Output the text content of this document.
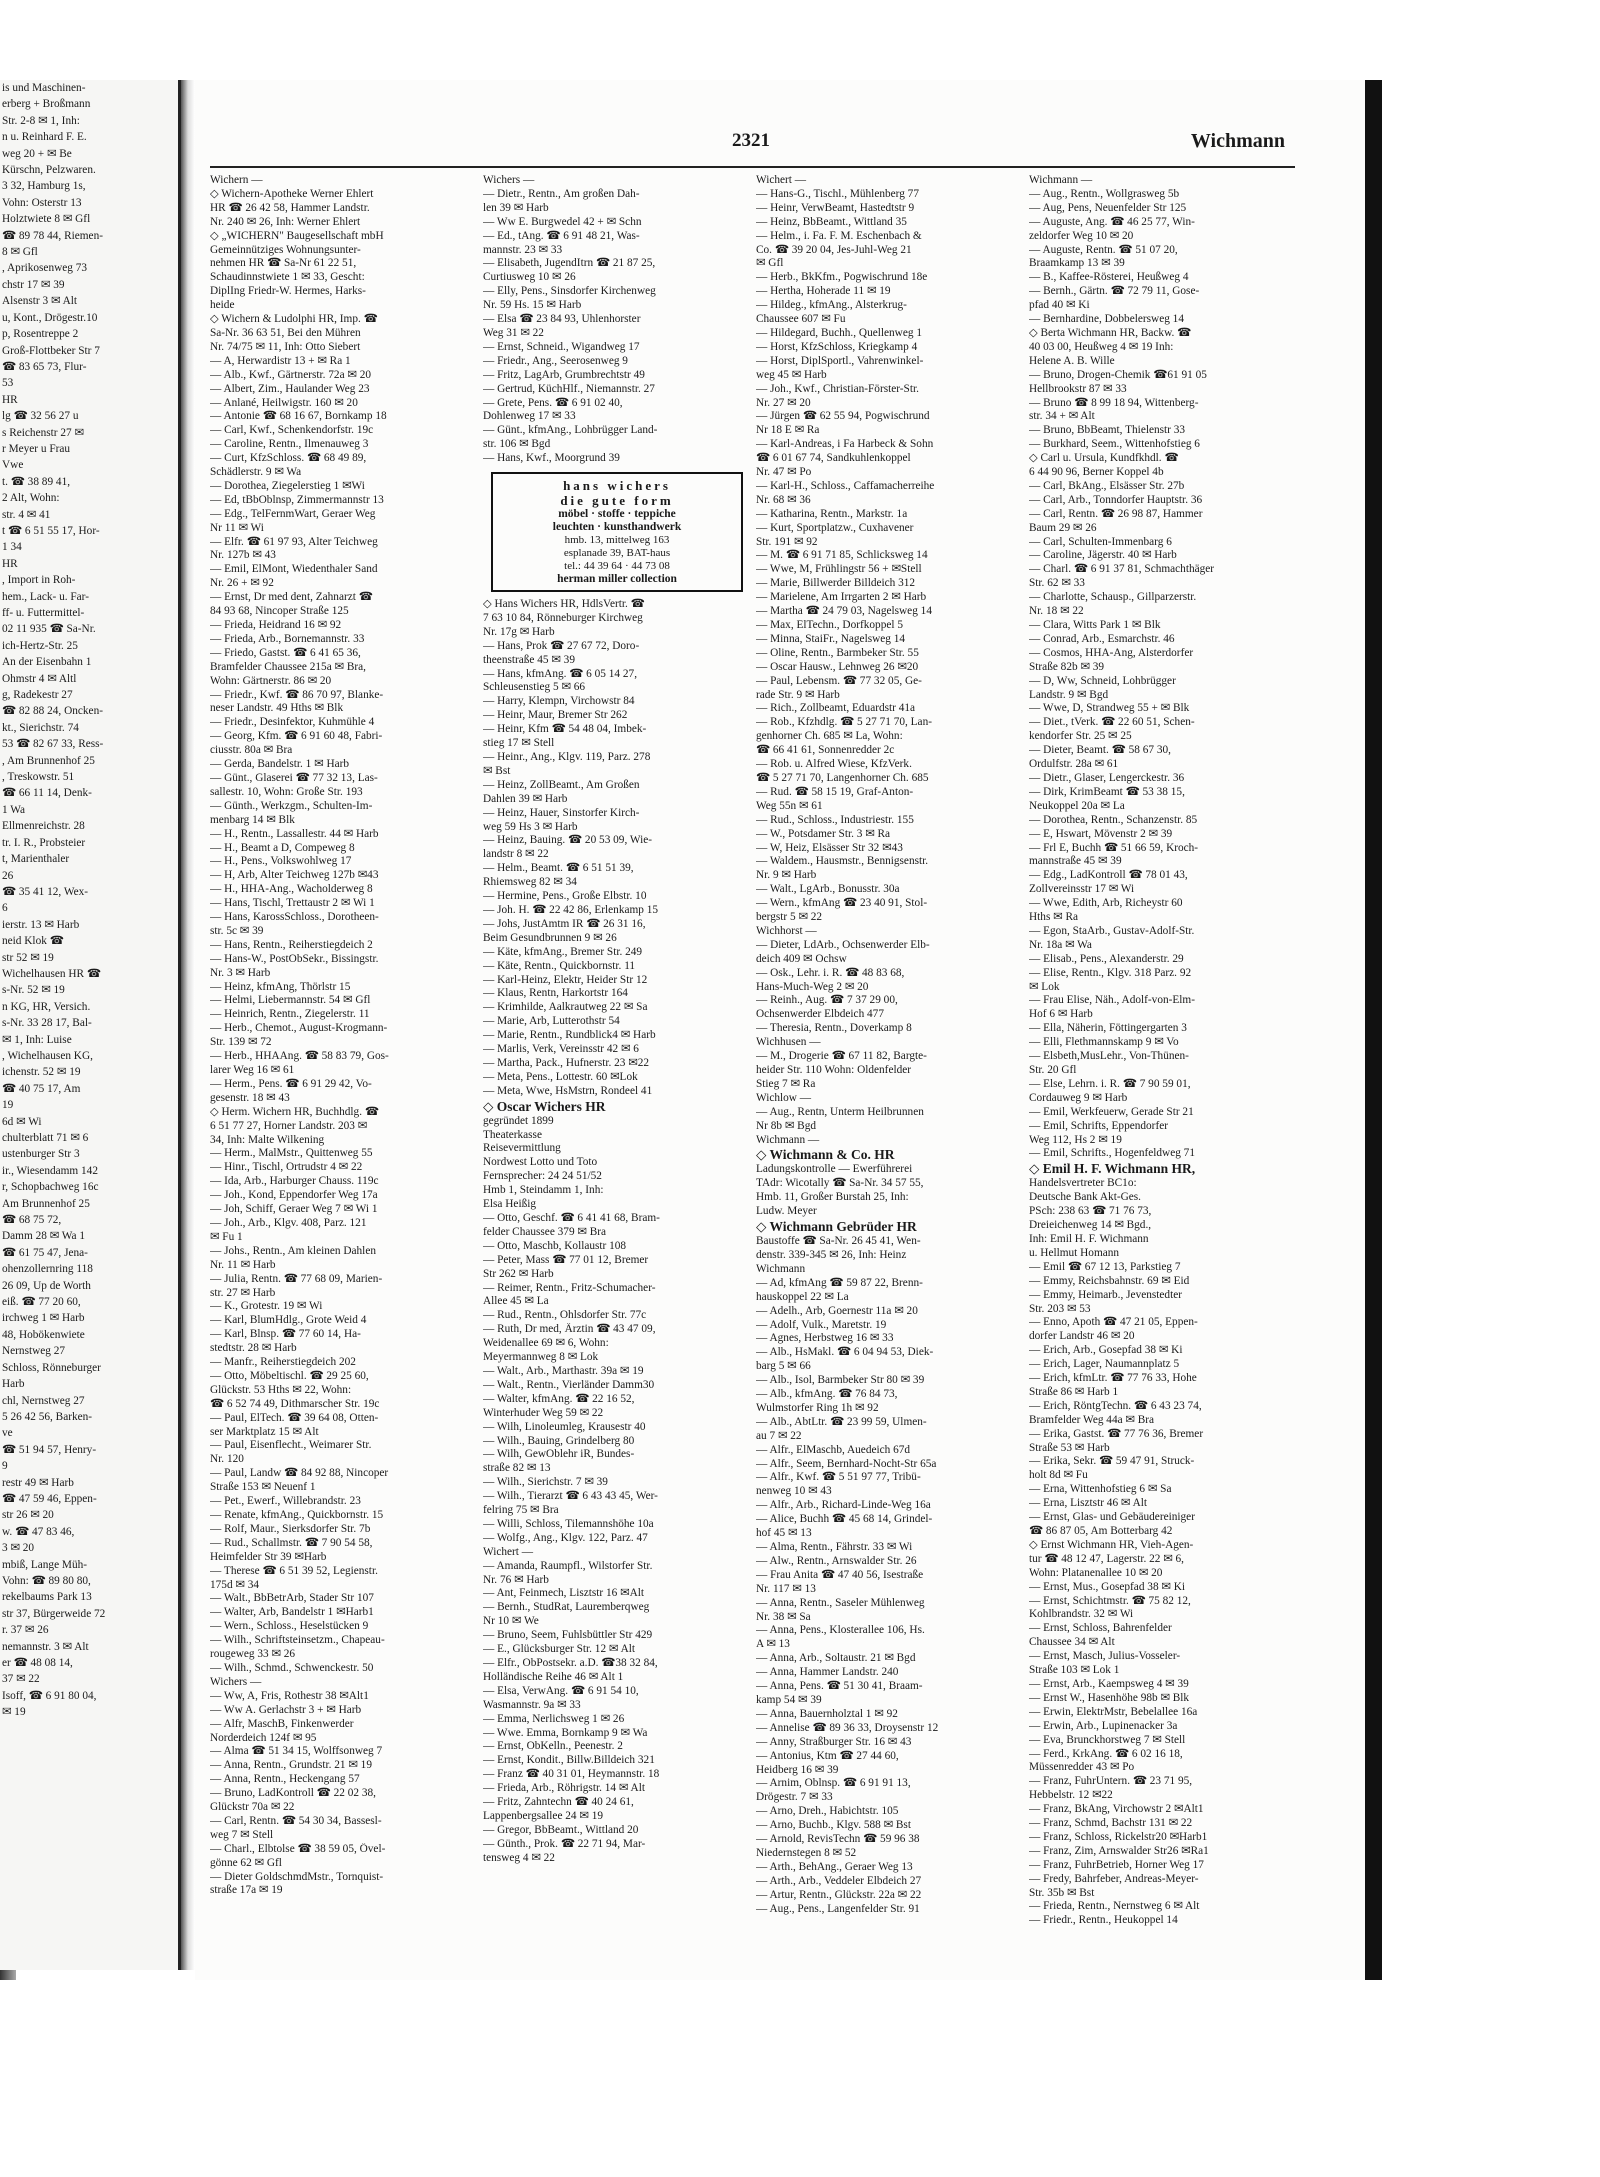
is und Maschinen-
erberg + Broßmann
Str. 2-8 ✉ 1, Inh:
n u. Reinhard F. E.
weg 20 + ✉ Be
Kürschn, Pelzwaren.
3 32, Hamburg 1s,
Vohn: Osterstr 13
Holztwiete 8 ✉ Gfl
☎ 89 78 44, Riemen-
8 ✉ Gfl
, Aprikosenweg 73
chstr 17 ✉ 39
Alsenstr 3 ✉ Alt
u, Kont., Drögestr.10
p, Rosentreppe 2
Groß-Flottbeker Str 7
☎ 83 65 73, Flur-
53
HR
lg ☎ 32 56 27 u
s Reichenstr 27 ✉
r Meyer u Frau
Vwe
t. ☎ 38 89 41,
2 Alt, Wohn:
str. 4 ✉ 41
t ☎ 6 51 55 17, Hor-
1 34
HR
, Import in Roh-
hem., Lack- u. Far-
ff- u. Futtermittel-
02 11 935 ☎ Sa-Nr.
ich-Hertz-Str. 25
An der Eisenbahn 1
Ohmstr 4 ✉ Altl
g, Radekestr 27
☎ 82 88 24, Oncken-
kt., Sierichstr. 74
53 ☎ 82 67 33, Ress-
, Am Brunnenhof 25
, Treskowstr. 51
☎ 66 11 14, Denk-
1 Wa
Ellmenreichstr. 28
tr. I. R., Probsteier
t, Marienthaler
26
☎ 35 41 12, Wex-
6
ierstr. 13 ✉ Harb
neid Klok ☎
str 52 ✉ 19
Wichelhausen HR ☎
s-Nr. 52 ✉ 19
n KG, HR, Versich.
s-Nr. 33 28 17, Bal-
✉ 1, Inh: Luise
, Wichelhausen KG,
ichenstr. 52 ✉ 19
☎ 40 75 17, Am
19
6d ✉ Wi
chulterblatt 71 ✉ 6
ustenburger Str 3
ir., Wiesendamm 142
r, Schopbachweg 16c
Am Brunnenhof 25
☎ 68 75 72,
Damm 28 ✉ Wa 1
☎ 61 75 47, Jena-
ohenzollernring 118
26 09, Up de Worth
eiß. ☎ 77 20 60,
irchweg 1 ✉ Harb
48, Hobökenwiete
Nernstweg 27
Schloss, Rönneburger
Harb
chl, Nernstweg 27
5 26 42 56, Barken-
ve
☎ 51 94 57, Henry-
9
restr 49 ✉ Harb
☎ 47 59 46, Eppen-
str 26 ✉ 20
w. ☎ 47 83 46,
3 ✉ 20
mbiß, Lange Müh-
Vohn: ☎ 89 80 80,
rekelbaums Park 13
str 37, Bürgerweide 72
r. 37 ✉ 26
nemannstr. 3 ✉ Alt
er ☎ 48 08 14,
37 ✉ 22
Isoff, ☎ 6 91 80 04,
✉ 19
2321	Wichmann
Wichern —
◇ Wichern-Apotheke Werner Ehlert
HR ☎ 26 42 58, Hammer Landstr.
Nr. 240 ✉ 26, Inh: Werner Ehlert
◇ „WICHERN" Baugesellschaft mbH
Gemeinnütziges Wohnungsunter-
nehmen HR ☎ Sa-Nr 61 22 51,
Schaudinnstwiete 1 ✉ 33, Gescht:
DiplIng Friedr-W. Hermes, Harks-
heide
◇ Wichern & Ludolphi HR, Imp. ☎
Sa-Nr. 36 63 51, Bei den Mühren
Nr. 74/75 ✉ 11, Inh: Otto Siebert
— A, Herwardistr 13 + ✉ Ra 1
— Alb., Kwf., Gärtnerstr. 72a ✉ 20
— Albert, Zim., Haulander Weg 23
— Anlané, Heilwigstr. 160 ✉ 20
— Antonie ☎ 68 16 67, Bornkamp 18
— Carl, Kwf., Schenkendorfstr. 19c
— Caroline, Rentn., Ilmenauweg 3
— Curt, KfzSchloss. ☎ 68 49 89,
Schädlerstr. 9 ✉ Wa
— Dorothea, Ziegelerstieg 1 ✉Wi
— Ed, tBbOblnsp, Zimmermannstr 13
— Edg., TelFernmWart, Geraer Weg
Nr 11 ✉ Wi
— Elfr. ☎ 61 97 93, Alter Teichweg
Nr. 127b ✉ 43
— Emil, ElMont, Wiedenthaler Sand
Nr. 26 + ✉ 92
— Ernst, Dr med dent, Zahnarzt ☎
84 93 68, Nincoper Straße 125
— Frieda, Heidrand 16 ✉ 92
— Frieda, Arb., Bornemannstr. 33
— Friedo, Gastst. ☎ 6 41 65 36,
Bramfelder Chaussee 215a ✉ Bra,
Wohn: Gärtnerstr. 86 ✉ 20
— Friedr., Kwf. ☎ 86 70 97, Blanke-
neser Landstr. 49 Hths ✉ Blk
— Friedr., Desinfektor, Kuhmühle 4
— Georg, Kfm. ☎ 6 91 60 48, Fabri-
ciusstr. 80a ✉ Bra
— Gerda, Bandelstr. 1 ✉ Harb
— Günt., Glaserei ☎ 77 32 13, Las-
sallestr. 10, Wohn: Große Str. 193
— Günth., Werkzgm., Schulten-Im-
menbarg 14 ✉ Blk
— H., Rentn., Lassallestr. 44 ✉ Harb
— H., Beamt a D, Compeweg 8
— H., Pens., Volkswohlweg 17
— H, Arb, Alter Teichweg 127b ✉43
— H., HHA-Ang., Wacholderweg 8
— Hans, Tischl, Trettaustr 2 ✉ Wi 1
— Hans, KarossSchloss., Dorotheen-
str. 5c ✉ 39
— Hans, Rentn., Reiherstiegdeich 2
— Hans-W., PostObSekr., Bissingstr.
Nr. 3 ✉ Harb
— Heinz, kfmAng, Thörlstr 15
— Helmi, Liebermannstr. 54 ✉ Gfl
— Heinrich, Rentn., Ziegelerstr. 11
— Herb., Chemot., August-Krogmann-
Str. 139 ✉ 72
— Herb., HHAAng. ☎ 58 83 79, Gos-
larer Weg 16 ✉ 61
— Herm., Pens. ☎ 6 91 29 42, Vo-
gesenstr. 18 ✉ 43
◇ Herm. Wichern HR, Buchhdlg. ☎
6 51 77 27, Horner Landstr. 203 ✉
34, Inh: Malte Wilkening
— Herm., MalMstr., Quittenweg 55
— Hinr., Tischl, Ortrudstr 4 ✉ 22
— Ida, Arb., Harburger Chauss. 119c
— Joh., Kond, Eppendorfer Weg 17a
— Joh, Schiff, Geraer Weg 7 ✉ Wi 1
— Joh., Arb., Klgv. 408, Parz. 121
✉ Fu 1
— Johs., Rentn., Am kleinen Dahlen
Nr. 11 ✉ Harb
— Julia, Rentn. ☎ 77 68 09, Marien-
str. 27 ✉ Harb
— K., Grotestr. 19 ✉ Wi
— Karl, BlumHdlg., Grote Weid 4
— Karl, Blnsp. ☎ 77 60 14, Ha-
stedtstr. 28 ✉ Harb
— Manfr., Reiherstiegdeich 202
— Otto, Möbeltischl. ☎ 29 25 60,
Glückstr. 53 Hths ✉ 22, Wohn:
☎ 6 52 74 49, Dithmarscher Str. 19c
— Paul, ElTech. ☎ 39 64 08, Otten-
ser Marktplatz 15 ✉ Alt
— Paul, Eisenflecht., Weimarer Str.
Nr. 120
— Paul, Landw ☎ 84 92 88, Nincoper
Straße 153 ✉ Neuenf 1
— Pet., Ewerf., Willebrandstr. 23
— Renate, kfmAng., Quickbornstr. 15
— Rolf, Maur., Sierksdorfer Str. 7b
— Rud., Schallmstr. ☎ 7 90 54 58,
Heimfelder Str 39 ✉Harb
— Therese ☎ 6 51 39 52, Legienstr.
175d ✉ 34
— Walt., BbBetrArb, Stader Str 107
— Walter, Arb, Bandelstr 1 ✉Harb1
— Wern., Schloss., Heselstücken 9
— Wilh., Schriftsteinsetzm., Chapeau-
rougeweg 33 ✉ 26
— Wilh., Schmd., Schwenckestr. 50
Wichers —
— Ww, A, Fris, Rothestr 38 ✉Alt1
— Ww A. Gerlachstr 3 + ✉ Harb
— Alfr, MaschB, Finkenwerder
Norderdeich 124f ✉ 95
— Alma ☎ 51 34 15, Wolffsonweg 7
— Anna, Rentn., Grundstr. 21 ✉ 19
— Anna, Rentn., Heckengang 57
— Bruno, LadKontroll ☎ 22 02 38,
Glückstr 70a ✉ 22
— Carl, Rentn. ☎ 54 30 34, Bassesl-
weg 7 ✉ Stell
— Charl., Elbtolse ☎ 38 59 05, Övel-
gönne 62 ✉ Gfl
— Dieter GoldschmdMstr., Tornquist-
straße 17a ✉ 19
Wichers —
— Dietr., Rentn., Am großen Dah-
len 39 ✉ Harb
— Ww E. Burgwedel 42 + ✉ Schn
— Ed., tAng. ☎ 6 91 48 21, Was-
mannstr. 23 ✉ 33
— Elisabeth, JugendItrn ☎ 21 87 25,
Curtiusweg 10 ✉ 26
— Elly, Pens., Sinsdorfer Kirchenweg
Nr. 59 Hs. 15 ✉ Harb
— Elsa ☎ 23 84 93, Uhlenhorster
Weg 31 ✉ 22
— Ernst, Schneid., Wigandweg 17
— Friedr., Ang., Seerosenweg 9
— Fritz, LagArb, Grumbrechtstr 49
— Gertrud, KüchHlf., Niemannstr. 27
— Grete, Pens. ☎ 6 91 02 40,
Dohlenweg 17 ✉ 33
— Günt., kfmAng., Lohbrügger Land-
str. 106 ✉ Bgd
— Hans, Kwf., Moorgrund 39
hans wichers
die gute form
möbel · stoffe · teppiche
leuchten · kunsthandwerk
hmb. 13, mittelweg 163
esplanade 39, BAT-haus
tel.: 44 39 64 · 44 73 08
herman miller collection
◇ Hans Wichers HR, HdlsVertr. ☎
7 63 10 84, Rönneburger Kirchweg
Nr. 17g ✉ Harb
— Hans, Prok ☎ 27 67 72, Doro-
theenstraße 45 ✉ 39
— Hans, kfmAng. ☎ 6 05 14 27,
Schleusenstieg 5 ✉ 66
— Harry, Klempn, Virchowstr 84
— Heinr, Maur, Bremer Str 262
— Heinr, Kfm ☎ 54 48 04, Imbek-
stieg 17 ✉ Stell
— Heinr., Ang., Klgv. 119, Parz. 278
✉ Bst
— Heinz, ZollBeamt., Am Großen
Dahlen 39 ✉ Harb
— Heinz, Hauer, Sinstorfer Kirch-
weg 59 Hs 3 ✉ Harb
— Heinz, Bauing. ☎ 20 53 09, Wie-
landstr 8 ✉ 22
— Helm., Beamt. ☎ 6 51 51 39,
Rhiemsweg 82 ✉ 34
— Hermine, Pens., Große Elbstr. 10
— Joh. H. ☎ 22 42 86, Erlenkamp 15
— Johs, JustAmtm IR ☎ 26 31 16,
Beim Gesundbrunnen 9 ✉ 26
— Käte, kfmAng., Bremer Str. 249
— Käte, Rentn., Quickbornstr. 11
— Karl-Heinz, Elektr, Heider Str 12
— Klaus, Rentn, Harkortstr 164
— Krimhilde, Aalkrautweg 22 ✉ Sa
— Marie, Arb, Lutterothstr 54
— Marie, Rentn., Rundblick4 ✉ Harb
— Marlis, Verk, Vereinsstr 42 ✉ 6
— Martha, Pack., Hufnerstr. 23 ✉22
— Meta, Pens., Lottestr. 60 ✉Lok
— Meta, Wwe, HsMstrn, Rondeel 41
◇ Oscar Wichers HR
gegründet 1899
Theaterkasse
Reisevermittlung
Nordwest Lotto und Toto
Fernsprecher: 24 24 51/52
Hmb 1, Steindamm 1, Inh:
Elsa Heißig
— Otto, Geschf. ☎ 6 41 41 68, Bram-
felder Chaussee 379 ✉ Bra
— Otto, Maschb, Kollaustr 108
— Peter, Mass ☎ 77 01 12, Bremer
Str 262 ✉ Harb
— Reimer, Rentn., Fritz-Schumacher-
Allee 45 ✉ La
— Rud., Rentn., Ohlsdorfer Str. 77c
— Ruth, Dr med, Ärztin ☎ 43 47 09,
Weidenallee 69 ✉ 6, Wohn:
Meyermannweg 8 ✉ Lok
— Walt., Arb., Marthastr. 39a ✉ 19
— Walt., Rentn., Vierländer Damm30
— Walter, kfmAng. ☎ 22 16 52,
Winterhuder Weg 59 ✉ 22
— Wilh, Linoleumleg, Krausestr 40
— Wilh., Bauing, Grindelberg 80
— Wilh, GewOblehr iR, Bundes-
straße 82 ✉ 13
— Wilh., Sierichstr. 7 ✉ 39
— Wilh., Tierarzt ☎ 6 43 43 45, Wer-
felring 75 ✉ Bra
— Willi, Schloss, Tilemannshöhe 10a
— Wolfg., Ang., Klgv. 122, Parz. 47
Wichert —
— Amanda, Raumpfl., Wilstorfer Str.
Nr. 76 ✉ Harb
— Ant, Feinmech, Lisztstr 16 ✉Alt
— Bernh., StudRat, Lauremberqweg
Nr 10 ✉ We
— Bruno, Seem, Fuhlsbüttler Str 429
— E., Glücksburger Str. 12 ✉ Alt
— Elfr., ObPostsekr. a.D. ☎38 32 84,
Holländische Reihe 46 ✉ Alt 1
— Elsa, VerwAng. ☎ 6 91 54 10,
Wasmannstr. 9a ✉ 33
— Emma, Nerlichsweg 1 ✉ 26
— Wwe. Emma, Bornkamp 9 ✉ Wa
— Ernst, ObKelln., Peenestr. 2
— Ernst, Kondit., Billw.Billdeich 321
— Franz ☎ 40 31 01, Heymannstr. 18
— Frieda, Arb., Röhrigstr. 14 ✉ Alt
— Fritz, Zahntechn ☎ 40 24 61,
Lappenbergsallee 24 ✉ 19
— Gregor, BbBeamt., Wittland 20
— Günth., Prok. ☎ 22 71 94, Mar-
tensweg 4 ✉ 22
Wichert —
— Hans-G., Tischl., Mühlenberg 77
— Heinr, VerwBeamt, Hastedtstr 9
— Heinz, BbBeamt., Wittland 35
— Helm., i. Fa. F. M. Eschenbach &
Co. ☎ 39 20 04, Jes-Juhl-Weg 21
✉ Gfl
— Herb., BkKfm., Pogwischrund 18e
— Hertha, Hoherade 11 ✉ 19
— Hildeg., kfmAng., Alsterkrug-
Chaussee 607 ✉ Fu
— Hildegard, Buchh., Quellenweg 1
— Horst, KfzSchloss, Kriegkamp 4
— Horst, DiplSportl., Vahrenwinkel-
weg 45 ✉ Harb
— Joh., Kwf., Christian-Förster-Str.
Nr. 27 ✉ 20
— Jürgen ☎ 62 55 94, Pogwischrund
Nr 18 E ✉ Ra
— Karl-Andreas, i Fa Harbeck & Sohn
☎ 6 01 67 74, Sandkuhlenkoppel
Nr. 47 ✉ Po
— Karl-H., Schloss., Caffamacherreihe
Nr. 68 ✉ 36
— Katharina, Rentn., Markstr. 1a
— Kurt, Sportplatzw., Cuxhavener
Str. 191 ✉ 92
— M. ☎ 6 91 71 85, Schlicksweg 14
— Wwe, M, Frühlingstr 56 + ✉Stell
— Marie, Billwerder Billdeich 312
— Marielene, Am Irrgarten 2 ✉ Harb
— Martha ☎ 24 79 03, Nagelsweg 14
— Max, ElTechn., Dorfkoppel 5
— Minna, StaiFr., Nagelsweg 14
— Oline, Rentn., Barmbeker Str. 55
— Oscar Hausw., Lehnweg 26 ✉20
— Paul, Lebensm. ☎ 77 32 05, Ge-
rade Str. 9 ✉ Harb
— Rich., Zollbeamt, Eduardstr 41a
— Rob., Kfzhdlg. ☎ 5 27 71 70, Lan-
genhorner Ch. 685 ✉ La, Wohn:
☎ 66 41 61, Sonnenredder 2c
— Rob. u. Alfred Wiese, KfzVerk.
☎ 5 27 71 70, Langenhorner Ch. 685
— Rud. ☎ 58 15 19, Graf-Anton-
Weg 55n ✉ 61
— Rud., Schloss., Industriestr. 155
— W., Potsdamer Str. 3 ✉ Ra
— W, Heiz, Elsässer Str 32 ✉43
— Waldem., Hausmstr., Bennigsenstr.
Nr. 9 ✉ Harb
— Walt., LgArb., Bonusstr. 30a
— Wern., kfmAng ☎ 23 40 91, Stol-
bergstr 5 ✉ 22
Wichhorst —
— Dieter, LdArb., Ochsenwerder Elb-
deich 409 ✉ Ochsw
— Osk., Lehr. i. R. ☎ 48 83 68,
Hans-Much-Weg 2 ✉ 20
— Reinh., Aug. ☎ 7 37 29 00,
Ochsenwerder Elbdeich 477
— Theresia, Rentn., Doverkamp 8
Wichhusen —
— M., Drogerie ☎ 67 11 82, Bargte-
heider Str. 110 Wohn: Oldenfelder
Stieg 7 ✉ Ra
Wichlow —
— Aug., Rentn, Unterm Heilbrunnen
Nr 8b ✉ Bgd
Wichmann —
◇ Wichmann & Co. HR
Ladungskontrolle — Ewerführerei
TAdr: Wicotally ☎ Sa-Nr. 34 57 55,
Hmb. 11, Großer Burstah 25, Inh:
Ludw. Meyer
◇ Wichmann Gebrüder HR
Baustoffe ☎ Sa-Nr. 26 45 41, Wen-
denstr. 339-345 ✉ 26, Inh: Heinz
Wichmann
— Ad, kfmAng ☎ 59 87 22, Brenn-
hauskoppel 22 ✉ La
— Adelh., Arb, Goernestr 11a ✉ 20
— Adolf, Vulk., Maretstr. 19
— Agnes, Herbstweg 16 ✉ 33
— Alb., HsMakl. ☎ 6 04 94 53, Diek-
barg 5 ✉ 66
— Alb., Isol, Barmbeker Str 80 ✉ 39
— Alb., kfmAng. ☎ 76 84 73,
Wulmstorfer Ring 1h ✉ 92
— Alb., AbtLtr. ☎ 23 99 59, Ulmen-
au 7 ✉ 22
— Alfr., ElMaschb, Auedeich 67d
— Alfr., Seem, Bernhard-Nocht-Str 65a
— Alfr., Kwf. ☎ 5 51 97 77, Tribü-
nenweg 10 ✉ 43
— Alfr., Arb., Richard-Linde-Weg 16a
— Alice, Buchh ☎ 45 68 14, Grindel-
hof 45 ✉ 13
— Alma, Rentn., Fährstr. 33 ✉ Wi
— Alw., Rentn., Arnswalder Str. 26
— Frau Anita ☎ 47 40 56, Isestraße
Nr. 117 ✉ 13
— Anna, Rentn., Saseler Mühlenweg
Nr. 38 ✉ Sa
— Anna, Pens., Klosterallee 106, Hs.
A ✉ 13
— Anna, Arb., Soltaustr. 21 ✉ Bgd
— Anna, Hammer Landstr. 240
— Anna, Pens. ☎ 51 30 41, Braam-
kamp 54 ✉ 39
— Anna, Bauernholztal 1 ✉ 92
— Annelise ☎ 89 36 33, Droysenstr 12
— Anny, Straßburger Str. 16 ✉ 43
— Antonius, Ktm ☎ 27 44 60,
Heidberg 16 ✉ 39
— Arnim, Oblnsp. ☎ 6 91 91 13,
Drögestr. 7 ✉ 33
— Arno, Dreh., Habichtstr. 105
— Arno, Buchb., Klgv. 588 ✉ Bst
— Arnold, RevisTechn ☎ 59 96 38
Niedernstegen 8 ✉ 52
— Arth., BehAng., Geraer Weg 13
— Arth., Arb., Veddeler Elbdeich 27
— Artur, Rentn., Glückstr. 22a ✉ 22
— Aug., Pens., Langenfelder Str. 91
Wichmann —
— Aug., Rentn., Wollgrasweg 5b
— Aug, Pens, Neuenfelder Str 125
— Auguste, Ang. ☎ 46 25 77, Win-
zeldorfer Weg 10 ✉ 20
— Auguste, Rentn. ☎ 51 07 20,
Braamkamp 13 ✉ 39
— B., Kaffee-Rösterei, Heußweg 4
— Bernh., Gärtn. ☎ 72 79 11, Gose-
pfad 40 ✉ Ki
— Bernhardine, Dobbelersweg 14
◇ Berta Wichmann HR, Backw. ☎
40 03 00, Heußweg 4 ✉ 19 Inh:
Helene A. B. Wille
— Bruno, Drogen-Chemik ☎61 91 05
Hellbrookstr 87 ✉ 33
— Bruno ☎ 8 99 18 94, Wittenberg-
str. 34 + ✉ Alt
— Bruno, BbBeamt, Thielenstr 33
— Burkhard, Seem., Wittenhofstieg 6
◇ Carl u. Ursula, Kundfkhdl. ☎
6 44 90 96, Berner Koppel 4b
— Carl, BkAng., Elsässer Str. 27b
— Carl, Arb., Tonndorfer Hauptstr. 36
— Carl, Rentn. ☎ 26 98 87, Hammer
Baum 29 ✉ 26
— Carl, Schulten-Immenbarg 6
— Caroline, Jägerstr. 40 ✉ Harb
— Charl. ☎ 6 91 37 81, Schmachthäger
Str. 62 ✉ 33
— Charlotte, Schausp., Gillparzerstr.
Nr. 18 ✉ 22
— Clara, Witts Park 1 ✉ Blk
— Conrad, Arb., Esmarchstr. 46
— Cosmos, HHA-Ang, Alsterdorfer
Straße 82b ✉ 39
— D, Ww, Schneid, Lohbrügger
Landstr. 9 ✉ Bgd
— Wwe, D, Strandweg 55 + ✉ Blk
— Diet., tVerk. ☎ 22 60 51, Schen-
kendorfer Str. 25 ✉ 25
— Dieter, Beamt. ☎ 58 67 30,
Ordulfstr. 28a ✉ 61
— Dietr., Glaser, Lengerckestr. 36
— Dirk, KrimBeamt ☎ 53 38 15,
Neukoppel 20a ✉ La
— Dorothea, Rentn., Schanzenstr. 85
— E, Hswart, Mövenstr 2 ✉ 39
— Frl E, Buchh ☎ 51 66 59, Kroch-
mannstraße 45 ✉ 39
— Edg., LadKontroll ☎ 78 01 43,
Zollvereinsstr 17 ✉ Wi
— Wwe, Edith, Arb, Richeystr 60
Hths ✉ Ra
— Egon, StaArb., Gustav-Adolf-Str.
Nr. 18a ✉ Wa
— Elisab., Pens., Alexanderstr. 29
— Elise, Rentn., Klgv. 318 Parz. 92
✉ Lok
— Frau Elise, Näh., Adolf-von-Elm-
Hof 6 ✉ Harb
— Ella, Näherin, Föttingergarten 3
— Elli, Flethmannskamp 9 ✉ Vo
— Elsbeth,MusLehr., Von-Thünen-
Str. 20 Gfl
— Else, Lehrn. i. R. ☎ 7 90 59 01,
Cordauweg 9 ✉ Harb
— Emil, Werkfeuerw, Gerade Str 21
— Emil, Schrifts, Eppendorfer
Weg 112, Hs 2 ✉ 19
— Emil, Schrifts., Hogenfeldweg 71
◇ Emil H. F. Wichmann HR,
Handelsvertreter BC1o:
Deutsche Bank Akt-Ges.
PSch: 238 63 ☎ 71 76 73,
Dreieichenweg 14 ✉ Bgd.,
Inh: Emil H. F. Wichmann
u. Hellmut Homann
— Emil ☎ 67 12 13, Parkstieg 7
— Emmy, Reichsbahnstr. 69 ✉ Eid
— Emmy, Heimarb., Jevenstedter
Str. 203 ✉ 53
— Enno, Apoth ☎ 47 21 05, Eppen-
dorfer Landstr 46 ✉ 20
— Erich, Arb., Gosepfad 38 ✉ Ki
— Erich, Lager, Naumannplatz 5
— Erich, kfmLtr. ☎ 77 76 33, Hohe
Straße 86 ✉ Harb 1
— Erich, RöntgTechn. ☎ 6 43 23 74,
Bramfelder Weg 44a ✉ Bra
— Erika, Gastst. ☎ 77 76 36, Bremer
Straße 53 ✉ Harb
— Erika, Sekr. ☎ 59 47 91, Struck-
holt 8d ✉ Fu
— Erna, Wittenhofstieg 6 ✉ Sa
— Erna, Lisztstr 46 ✉ Alt
— Ernst, Glas- und Gebäudereiniger
☎ 86 87 05, Am Botterbarg 42
◇ Ernst Wichmann HR, Vieh-Agen-
tur ☎ 48 12 47, Lagerstr. 22 ✉ 6,
Wohn: Platanenallee 10 ✉ 20
— Ernst, Mus., Gosepfad 38 ✉ Ki
— Ernst, Schichtmstr. ☎ 75 82 12,
Kohlbrandstr. 32 ✉ Wi
— Ernst, Schloss, Bahrenfelder
Chaussee 34 ✉ Alt
— Ernst, Masch, Julius-Vosseler-
Straße 103 ✉ Lok 1
— Ernst, Arb., Kaempsweg 4 ✉ 39
— Ernst W., Hasenhöhe 98b ✉ Blk
— Erwin, ElektrMstr, Bebelallee 16a
— Erwin, Arb., Lupinenacker 3a
— Eva, Brunckhorstweg 7 ✉ Stell
— Ferd., KrkAng. ☎ 6 02 16 18,
Müssenredder 43 ✉ Po
— Franz, FuhrUntern. ☎ 23 71 95,
Hebbelstr. 12 ✉22
— Franz, BkAng, Virchowstr 2 ✉Alt1
— Franz, Schmd, Bachstr 131 ✉ 22
— Franz, Schloss, Rickelstr20 ✉Harb1
— Franz, Zim, Arnswalder Str26 ✉Ra1
— Franz, FuhrBetrieb, Horner Weg 17
— Fredy, Bahrfeber, Andreas-Meyer-
Str. 35b ✉ Bst
— Frieda, Rentn., Nernstweg 6 ✉ Alt
— Friedr., Rentn., Heukoppel 14
